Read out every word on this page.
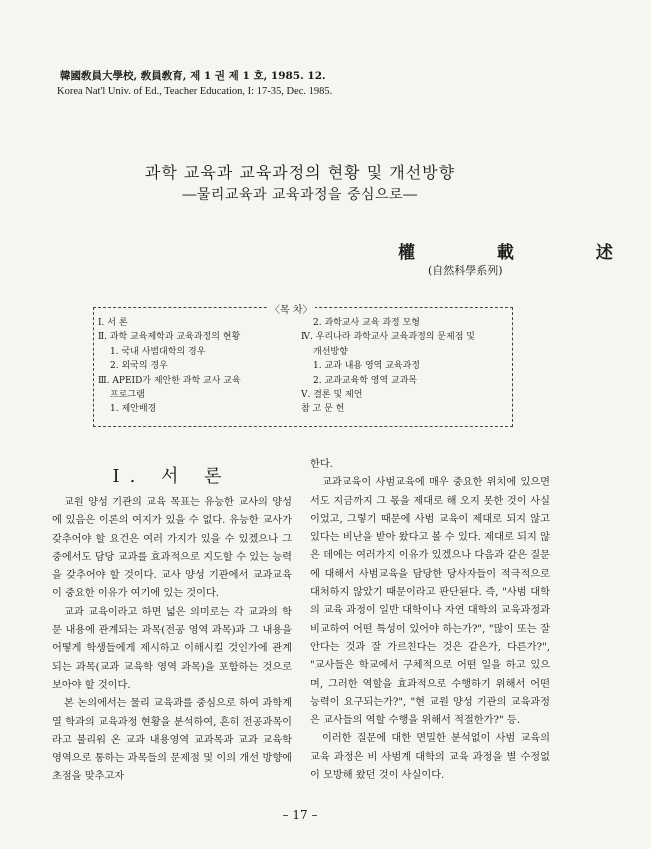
韓國敎員大學校, 敎員敎育, 제 1 권 제 1 호, 1985. 12.
Korea Nat'l Univ. of Ed., Teacher Education, I: 17-35, Dec. 1985.
과학 교육과 교육과정의 현황 및 개선방향
―물리교육과 교육과정을 중심으로―
權 載 述
(自然科學系列)
〈목 차〉
Ⅰ. 서 론
Ⅱ. 과학 교육제학과 교육과정의 현황
1. 국내 사범대학의 경우
2. 외국의 경우
Ⅲ. APEID가 제안한 과학 교사 교육
프로그램
1. 제안배경
2. 과학교사 교육 과정 모형
Ⅳ. 우리나라 과학교사 교육과정의 문제점 및
개선방향
1. 교과 내용 영역 교육과정
2. 교과교육학 영역 교과목
Ⅴ. 결론 및 제언
참 고 문 헌
Ⅰ. 서 론

교원 양성 기관의 교육 목표는 유능한 교사의 양성에 있음은 이론의 여지가 있을 수 없다. 유능한 교사가 갖추어야 할 요건은 여러 가지가 있을 수 있겠으나 그 중에서도 담당 교과를 효과적으로 지도할 수 있는 능력을 갖추어야 할 것이다. 교사 양성 기관에서 교과교육이 중요한 이유가 여기에 있는 것이다.

교과 교육이라고 하면 넓은 의미로는 각 교과의 학문 내용에 관계되는 과목(전공 영역 과목)과 그 내용을 어떻게 학생들에게 제시하고 이해시킬 것인가에 관계되는 과목(교과 교육학 영역 과목)을 포함하는 것으로 보아야 할 것이다.

본 논의에서는 물리 교육과를 중심으로 하여 과학계열 학과의 교육과정 현황을 분석하여, 흔히 전공과목이라고 불리워 온 교과 내용영역 교과목과 교과 교육학 영역으로 통하는 과목들의 문제점 및 이의 개선 방향에 초점을 맞추고자

한다.

교과교육이 사범교육에 매우 중요한 위치에 있으면서도 지금까지 그 몫을 제대로 해 오지 못한 것이 사실이었고, 그렇기 때문에 사범 교육이 제대로 되지 않고 있다는 비난을 받아 왔다고 볼 수 있다. 제대로 되지 않은 데에는 여러가지 이유가 있겠으나 다음과 같은 질문에 대해서 사범교육을 담당한 당사자들이 적극적으로 대처하지 않았기 때문이라고 판단된다. 즉, "사범 대학의 교육 과정이 일반 대학이나 자연 대학의 교육과정과 비교하여 어떤 특성이 있어야 하는가?", "많이 또는 잘 안다는 것과 잘 가르친다는 것은 같은가, 다른가?", "교사들은 학교에서 구체적으로 어떤 일을 하고 있으며, 그러한 역할을 효과적으로 수행하기 위해서 어떤 능력이 요구되는가?", "현 교원 양성 기관의 교육과정은 교사들의 역할 수행을 위해서 적절한가?" 등.

이러한 질문에 대한 면밀한 분석없이 사범 교육의 교육 과정은 비 사범계 대학의 교육 과정을 별 수정없이 모방해 왔던 것이 사실이다.

– 17 –
